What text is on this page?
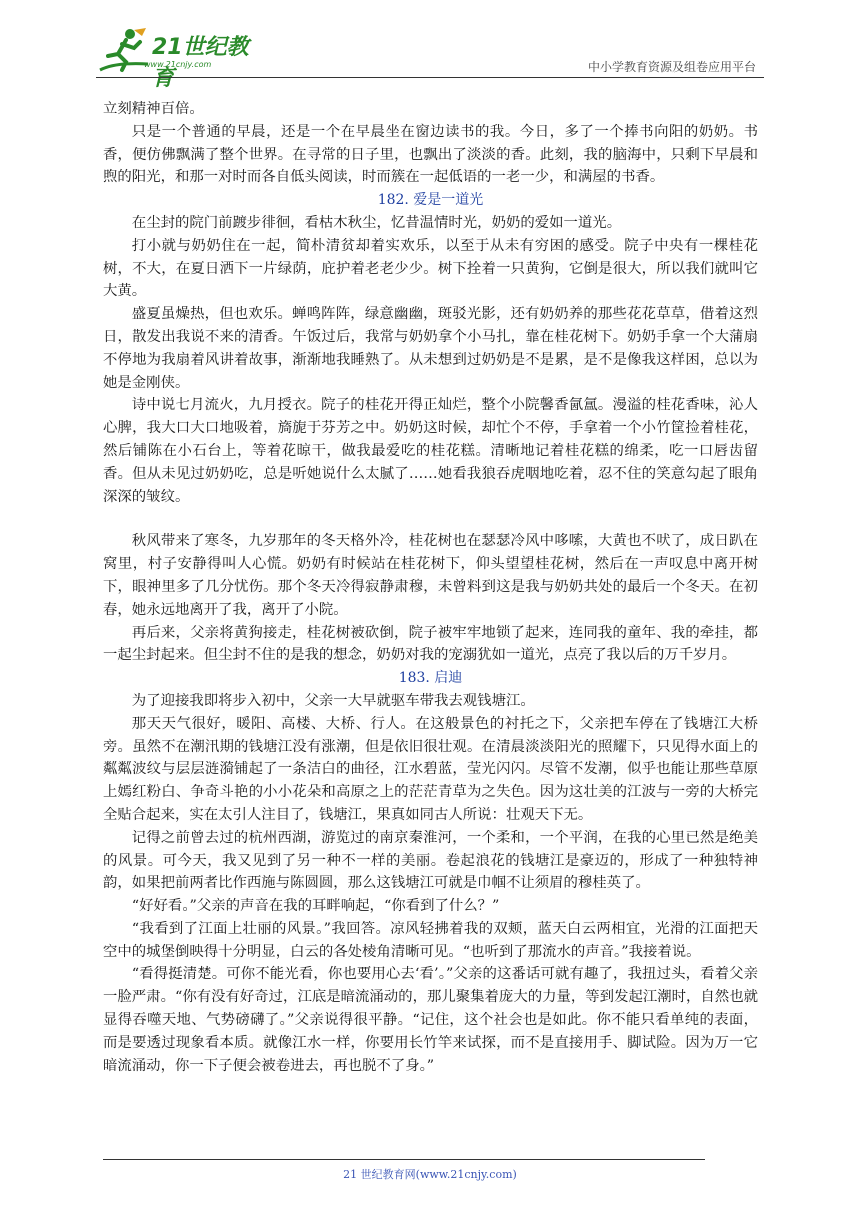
21世纪教育
www.21cnjy.com	中小学教育资源及组卷应用平台

立刻精神百倍。

只是一个普通的早晨，还是一个在早晨坐在窗边读书的我。今日，多了一个捧书向阳的奶奶。书香，便仿佛飘满了整个世界。在寻常的日子里，也飘出了淡淡的香。此刻，我的脑海中，只剩下早晨和煦的阳光，和那一对时而各自低头阅读，时而簇在一起低语的一老一少，和满屋的书香。

182. 爱是一道光

在尘封的院门前踱步徘徊，看枯木秋尘，忆昔温情时光，奶奶的爱如一道光。

打小就与奶奶住在一起，简朴清贫却着实欢乐，以至于从未有穷困的感受。院子中央有一棵桂花树，不大，在夏日洒下一片绿荫，庇护着老老少少。树下拴着一只黄狗，它倒是很大，所以我们就叫它大黄。

盛夏虽燥热，但也欢乐。蝉鸣阵阵，绿意幽幽，斑驳光影，还有奶奶养的那些花花草草，借着这烈日，散发出我说不来的清香。午饭过后，我常与奶奶拿个小马扎，靠在桂花树下。奶奶手拿一个大蒲扇不停地为我扇着风讲着故事，渐渐地我睡熟了。从未想到过奶奶是不是累，是不是像我这样困，总以为她是金刚侠。

诗中说七月流火，九月授衣。院子的桂花开得正灿烂，整个小院馨香氤氲。漫溢的桂花香味，沁人心脾，我大口大口地吸着，旖旎于芬芳之中。奶奶这时候，却忙个不停，手拿着一个小竹筐捡着桂花，然后铺陈在小石台上，等着花晾干，做我最爱吃的桂花糕。清晰地记着桂花糕的绵柔，吃一口唇齿留香。但从未见过奶奶吃，总是听她说什么太腻了……她看我狼吞虎咽地吃着，忍不住的笑意勾起了眼角深深的皱纹。

秋风带来了寒冬，九岁那年的冬天格外冷，桂花树也在瑟瑟冷风中哆嗦，大黄也不吠了，成日趴在窝里，村子安静得叫人心慌。奶奶有时候站在桂花树下，仰头望望桂花树，然后在一声叹息中离开树下，眼神里多了几分忧伤。那个冬天冷得寂静肃穆，未曾料到这是我与奶奶共处的最后一个冬天。在初春，她永远地离开了我，离开了小院。

再后来，父亲将黄狗接走，桂花树被砍倒，院子被牢牢地锁了起来，连同我的童年、我的牵挂，都一起尘封起来。但尘封不住的是我的想念，奶奶对我的宠溺犹如一道光，点亮了我以后的万千岁月。

183. 启迪

为了迎接我即将步入初中，父亲一大早就驱车带我去观钱塘江。

那天天气很好，暖阳、高楼、大桥、行人。在这般景色的衬托之下，父亲把车停在了钱塘江大桥旁。虽然不在潮汛期的钱塘江没有涨潮，但是依旧很壮观。在清晨淡淡阳光的照耀下，只见得水面上的粼粼波纹与层层涟漪铺起了一条洁白的曲径，江水碧蓝，莹光闪闪。尽管不发潮，似乎也能让那些草原上嫣红粉白、争奇斗艳的小小花朵和高原之上的茫茫青草为之失色。因为这壮美的江波与一旁的大桥完全贴合起来，实在太引人注目了，钱塘江，果真如同古人所说：壮观天下无。

记得之前曾去过的杭州西湖，游览过的南京秦淮河，一个柔和，一个平润，在我的心里已然是绝美的风景。可今天，我又见到了另一种不一样的美丽。卷起浪花的钱塘江是豪迈的，形成了一种独特神韵，如果把前两者比作西施与陈圆圆，那么这钱塘江可就是巾帼不让须眉的穆桂英了。

“好好看。”父亲的声音在我的耳畔响起，“你看到了什么？”

“我看到了江面上壮丽的风景。”我回答。凉风轻拂着我的双颊，蓝天白云两相宜，光滑的江面把天空中的城堡倒映得十分明显，白云的各处棱角清晰可见。“也听到了那流水的声音。”我接着说。

“看得挺清楚。可你不能光看，你也要用心去‘看’。”父亲的这番话可就有趣了，我扭过头，看着父亲一脸严肃。“你有没有好奇过，江底是暗流涌动的，那儿聚集着庞大的力量，等到发起江潮时，自然也就显得吞噬天地、气势磅礴了。”父亲说得很平静。“记住，这个社会也是如此。你不能只看单纯的表面，而是要透过现象看本质。就像江水一样，你要用长竹竿来试探，而不是直接用手、脚试险。因为万一它暗流涌动，你一下子便会被卷进去，再也脱不了身。”

21 世纪教育网(www.21cnjy.com)
